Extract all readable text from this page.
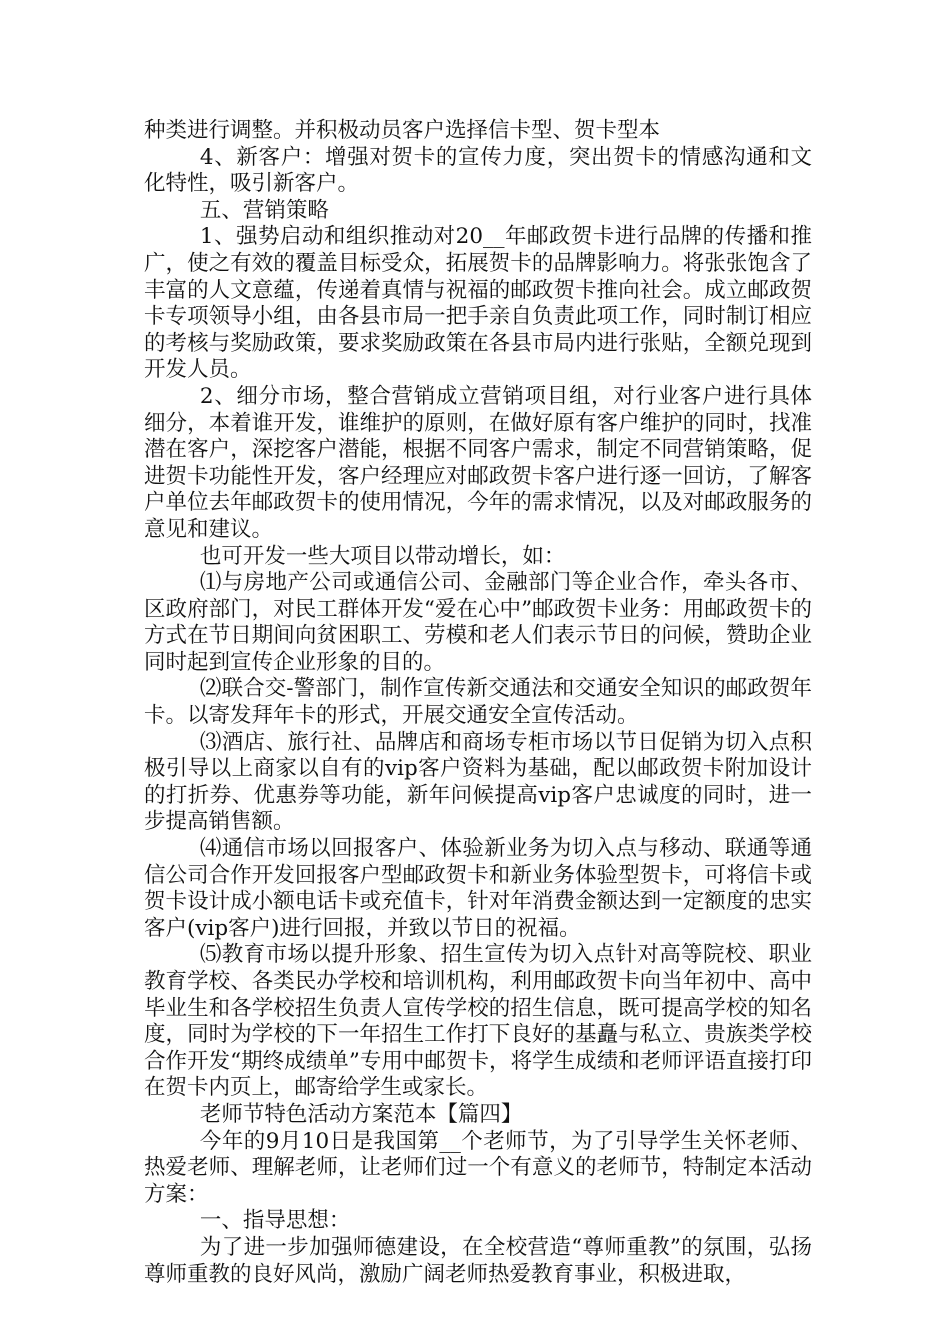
种类进行调整。并积极动员客户选择信卡型、贺卡型本

4、新客户：增强对贺卡的宣传力度，突出贺卡的情感沟通和文化特性，吸引新客户。

五、营销策略

1、强势启动和组织推动对20__年邮政贺卡进行品牌的传播和推广，使之有效的覆盖目标受众，拓展贺卡的品牌影响力。将张张饱含了丰富的人文意蕴，传递着真情与祝福的邮政贺卡推向社会。成立邮政贺卡专项领导小组，由各县市局一把手亲自负责此项工作，同时制订相应的考核与奖励政策，要求奖励政策在各县市局内进行张贴，全额兑现到开发人员。

2、细分市场，整合营销成立营销项目组，对行业客户进行具体细分，本着谁开发，谁维护的原则，在做好原有客户维护的同时，找准潜在客户，深挖客户潜能，根据不同客户需求，制定不同营销策略，促进贺卡功能性开发，客户经理应对邮政贺卡客户进行逐一回访，了解客户单位去年邮政贺卡的使用情况，今年的需求情况，以及对邮政服务的意见和建议。

也可开发一些大项目以带动增长，如：

⑴与房地产公司或通信公司、金融部门等企业合作，牵头各市、区政府部门，对民工群体开发“爱在心中”邮政贺卡业务：用邮政贺卡的方式在节日期间向贫困职工、劳模和老人们表示节日的问候，赞助企业同时起到宣传企业形象的目的。

⑵联合交-警部门，制作宣传新交通法和交通安全知识的邮政贺年卡。以寄发拜年卡的形式，开展交通安全宣传活动。

⑶酒店、旅行社、品牌店和商场专柜市场以节日促销为切入点积极引导以上商家以自有的vip客户资料为基础，配以邮政贺卡附加设计的打折券、优惠券等功能，新年问候提高vip客户忠诚度的同时，进一步提高销售额。

⑷通信市场以回报客户、体验新业务为切入点与移动、联通等通信公司合作开发回报客户型邮政贺卡和新业务体验型贺卡，可将信卡或贺卡设计成小额电话卡或充值卡，针对年消费金额达到一定额度的忠实客户(vip客户)进行回报，并致以节日的祝福。

⑸教育市场以提升形象、招生宣传为切入点针对高等院校、职业教育学校、各类民办学校和培训机构，利用邮政贺卡向当年初中、高中毕业生和各学校招生负责人宣传学校的招生信息，既可提高学校的知名度，同时为学校的下一年招生工作打下良好的基矗与私立、贵族类学校合作开发“期终成绩单”专用中邮贺卡，将学生成绩和老师评语直接打印在贺卡内页上，邮寄给学生或家长。

老师节特色活动方案范本【篇四】

今年的9月10日是我国第__个老师节，为了引导学生关怀老师、热爱老师、理解老师，让老师们过一个有意义的老师节，特制定本活动方案：

一、指导思想：

为了进一步加强师德建设，在全校营造“尊师重教”的氛围，弘扬尊师重教的良好风尚，激励广阔老师热爱教育事业，积极进取，
